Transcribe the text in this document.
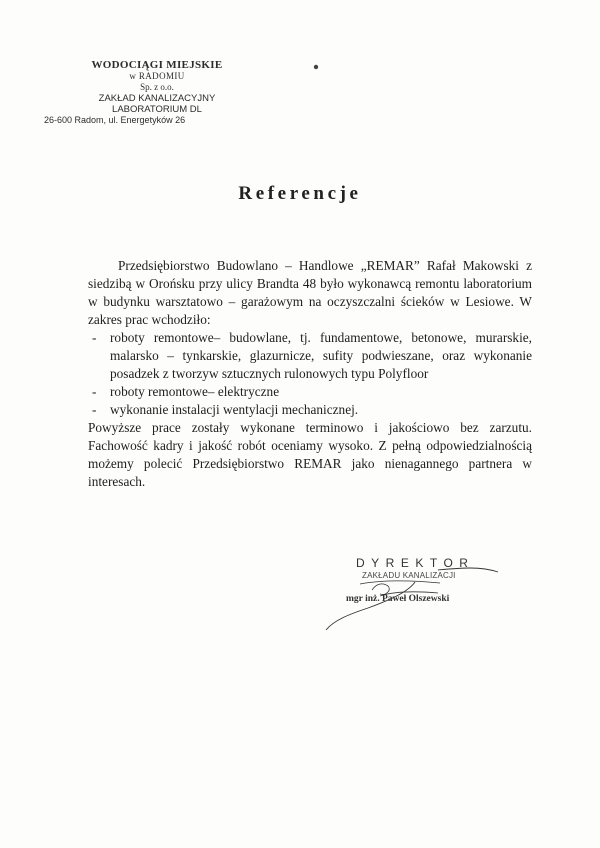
WODOCIĄGI MIEJSKIE
w RADOMIU
Sp. z o.o.
ZAKŁAD KANALIZACYJNY
LABORATORIUM DL
26-600 Radom, ul. Energetyków 26
Referencje

Przedsiębiorstwo Budowlano – Handlowe „REMAR” Rafał Makowski z siedzibą w Orońsku przy ulicy Brandta 48 było wykonawcą remontu laboratorium w budynku warsztatowo – garażowym na oczyszczalni ścieków w Lesiowe. W zakres prac wchodziło:

- roboty remontowe– budowlane, tj. fundamentowe, betonowe, murarskie, malarsko – tynkarskie, glazurnicze, sufity podwieszane, oraz wykonanie posadzek z tworzyw sztucznych rulonowych typu Polyfloor
- roboty remontowe– elektryczne
- wykonanie instalacji wentylacji mechanicznej.

Powyższe prace zostały wykonane terminowo i jakościowo bez zarzutu. Fachowość kadry i jakość robót oceniamy wysoko. Z pełną odpowiedzialnością możemy polecić Przedsiębiorstwo REMAR jako nienagannego partnera w interesach.

DYREKTOR
ZAKŁADU KANALIZACJI
mgr inż. Paweł Olszewski
